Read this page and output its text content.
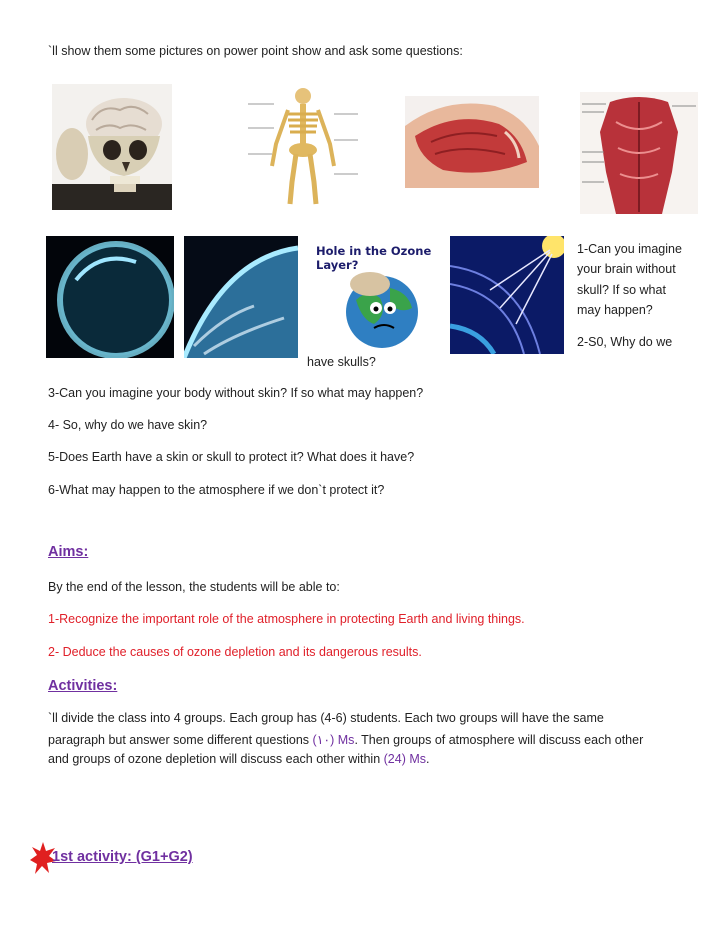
`ll show them some pictures on power point show and ask some questions:
Hole in the Ozone Layer?
1-Can you imagine
your brain without
skull? If so what
may happen?
2-S0, Why do we
have skulls?
3-Can you imagine your body without skin? If so what may happen?
4- So, why do we have skin?
5-Does Earth have a skin or skull to protect it? What does it have?
6-What may happen to the atmosphere if we don`t protect it?
Aims:
By the end of the lesson, the students will be able to:
1-Recognize the important role of the atmosphere in protecting Earth and living things.
2- Deduce the causes of ozone depletion and its dangerous results.
Activities:
`ll divide the class into 4 groups. Each group has (4-6) students. Each two groups will have the same
paragraph but answer some different questions (١٠) Ms. Then groups of atmosphere will discuss each other
and groups of ozone depletion will discuss each other within (24) Ms.
1st activity: (G1+G2)
